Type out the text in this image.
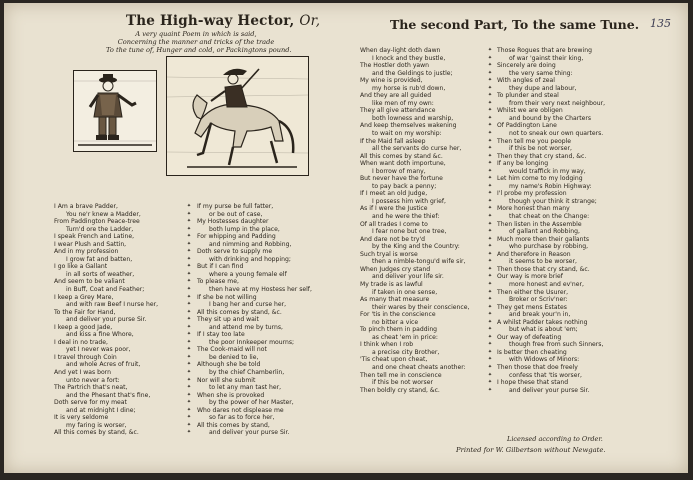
The High-way Hector, Or,
A very quaint Poem in which is said,
Concerning the manner and tricks of the trade
To the tune of, Hunger and cold, or Packingtons pound.
The second Part, To the same Tune. 135
I Am a brave Padder,
You ne'r knew a Madder,
From Paddington Peace-tree
Turn'd ore the Ladder,
I speak French and Latine,
I wear Plush and Sattin,
And in my profession
I grow fat and batten,
I go like a Gallant
in all sorts of weather,
And seem to be valiant
in Buff, Coat and Feather;
I keep a Grey Mare,
and with raw Beef I nurse her,
To the Fair for Hand,
and deliver your purse Sir.
I keep a good Jade,
and kiss a fine Whore,
I deal in no trade,
yet I never was poor,
I travel through Coin
and whole Acres of fruit,
And yet I was born
unto never a fort:
The Partrich that's neat,
and the Phesant that's fine,
Doth serve for my meat
and at midnight I dine;
It is very seldome
my faring is worser,
All this comes by stand, &c.
✦
✦
✦
✦
✦
✦
✦
✦
✦
✦
✦
✦
✦
✦
✦
✦
✦
✦
✦
✦
✦
✦
✦
✦
✦
✦
✦
✦
✦
✦
✦
If my purse be full fatter,
or be out of case,
My Hostesses daughter
both lump in the place,
For whipping and Padding
and nimming and Robbing,
Doth serve to supply me
with drinking and hopping;
But if I can find
where a young female elf
To please me,
then have at my Hostess her self,
If she be not willing
I bang her and curse her,
All this comes by stand, &c.
They sit up and wait
and attend me by turns,
If I stay too late
the poor Innkeeper mourns;
The Cook-maid will not
be denied to lie,
Although she be told
by the chief Chamberlin,
Nor will she submit
to let any man tast her,
When she is provoked
by the power of her Master,
Who dares not displease me
so far as to force her,
All this comes by stand,
and deliver your purse Sir.
When day-light doth dawn
I knock and they bustle,
The Hostler doth yawn
and the Geldings to justle;
My wine is provided,
my horse is rub'd down,
And they are all guided
like men of my own:
They all give attendance
both lowness and warship,
And keep themselves wakening
to wait on my worship:
If the Maid fall asleep
all the servants do curse her,
All this comes by stand &c.
When want doth importune,
I borrow of many,
But never have the fortune
to pay back a penny;
If I meet an old Judge,
I possess him with grief,
As if I were the Justice
and he were the thief:
Of all trades I come to
I fear none but one tree,
And dare not be try'd
by the King and the Country:
Such tryal is worse
then a nimble-tongu'd wife sir,
When Judges cry stand
and deliver your life sir.
My trade is as lawful
if taken in one sense,
As many that measure
their wares by their conscience,
For 'tis in the conscience
no bitter a vice
To pinch them in padding
as cheat 'em in price:
I think when I rob
a precise city Brother,
'Tis cheat upon cheat,
and one cheat cheats another:
Then tell me in conscience
if this be not worser
Then boldly cry stand, &c.
✦
✦
✦
✦
✦
✦
✦
✦
✦
✦
✦
✦
✦
✦
✦
✦
✦
✦
✦
✦
✦
✦
✦
✦
✦
✦
✦
✦
✦
✦
✦
✦
✦
✦
✦
✦
✦
✦
✦
✦
✦
✦
✦
✦
✦
✦
Those Rogues that are brewing
of war 'gainst their king,
Sincerely are doing
the very same thing:
With angles of zeal
they dupe and labour,
To plunder and steal
from their very next neighbour,
Whilst we are obligen
and bound by the Charters
Of Paddington Lane
not to sneak our own quarters.
Then tell me you people
if this be not worser,
Then they that cry stand, &c.
If any be longing
would traffick in my way,
Let him come to my lodging
my name's Robin Highway:
I'l probe my profession
though your think it strange;
More honest than many
that cheat on the Change:
Then listen in the Assemble
of gallant and Robbing,
Much more then their gallants
who purchase by robbing,
And therefore in Reason
it seems to be worser,
Then those that cry stand, &c.
Our way is more brief
more honest and ev'ner,
Then either the Usurer,
Broker or Scriv'ner:
They get mens Estates
and break your'n in,
A whilst Padder takes nothing
but what is about 'em;
Our way of defeating
though free from such Sinners,
Is better then cheating
with Widows of Minors:
Then those that doe freely
confess that 'tis worser,
I hope these that stand
and deliver your purse Sir.
Licensed according to Order.
Printed for W. Gilbertson without Newgate.
